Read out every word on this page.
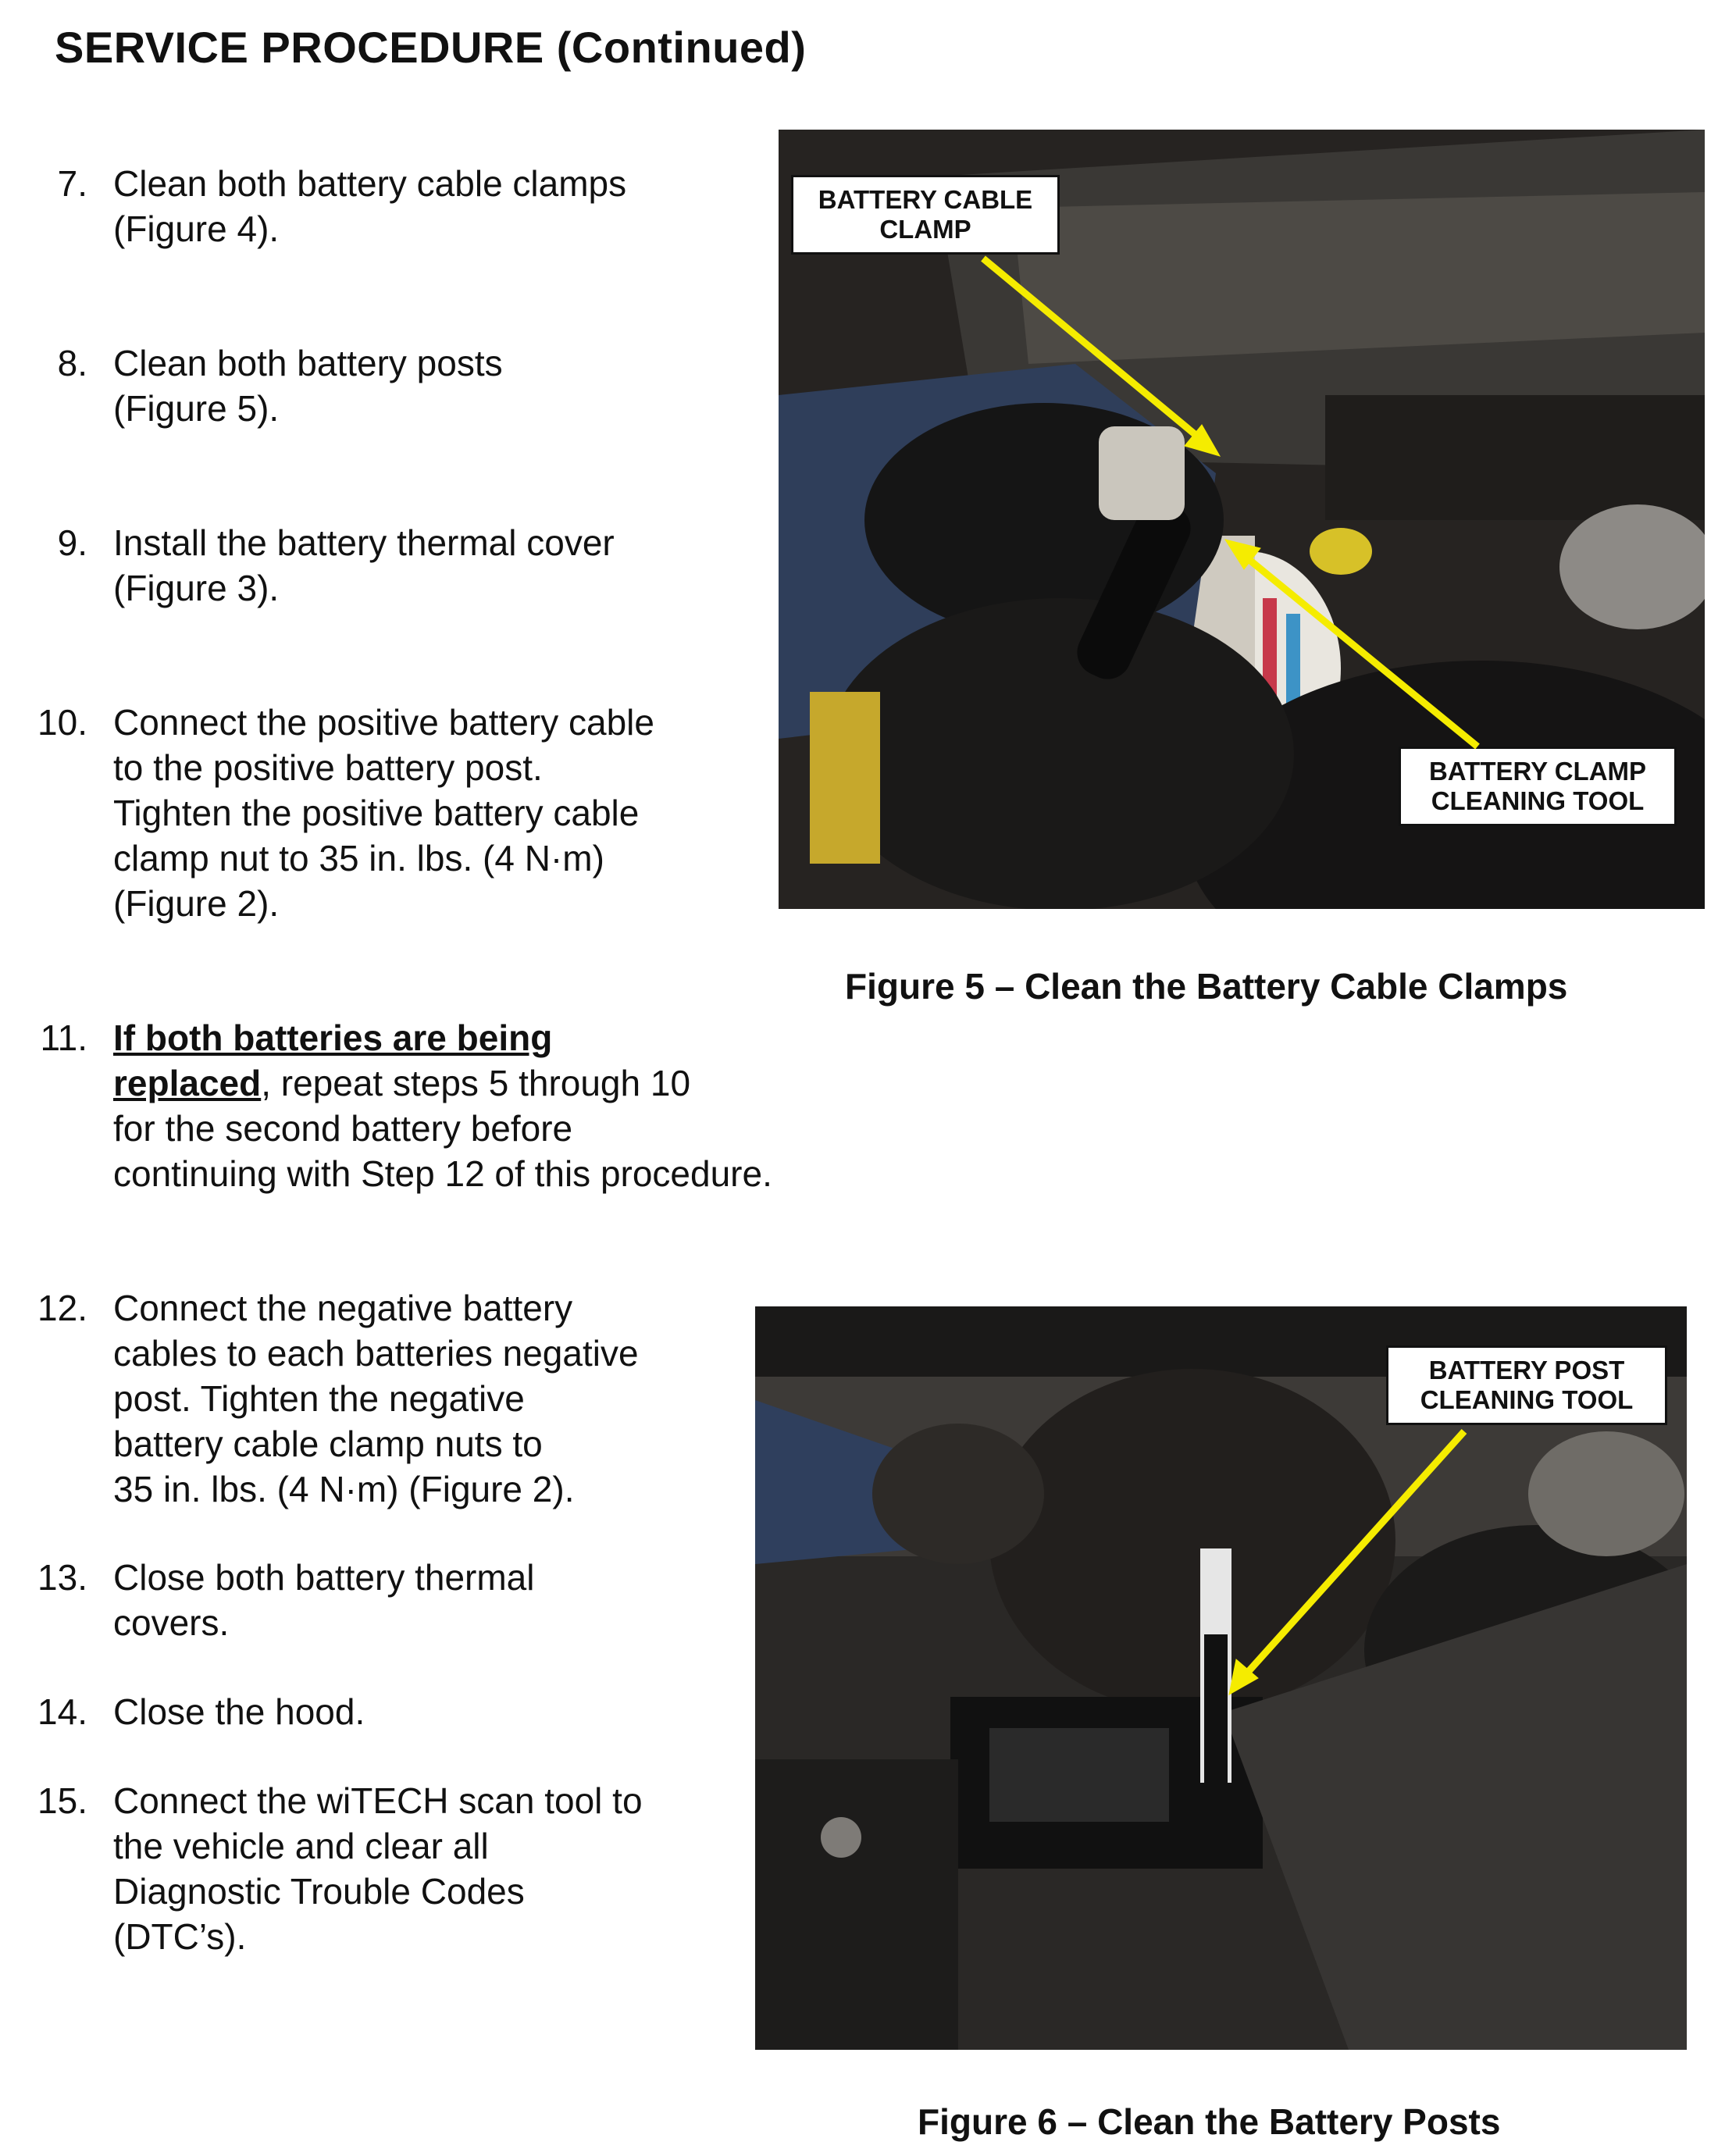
SERVICE PROCEDURE (Continued)
7. Clean both battery cable clamps
(Figure 4).
8. Clean both battery posts
(Figure 5).
9. Install the battery thermal cover
(Figure 3).
10. Connect the positive battery cable
to the positive battery post.
Tighten the positive battery cable
clamp nut to 35 in. lbs. (4 N·m)
(Figure 2).
11. If both batteries are being
replaced, repeat steps 5 through 10
for the second battery before
continuing with Step 12 of this procedure.
12. Connect the negative battery
cables to each batteries negative
post. Tighten the negative
battery cable clamp nuts to
35 in. lbs. (4 N·m) (Figure 2).
13. Close both battery thermal
covers.
14. Close the hood.
15. Connect the wiTECH scan tool to
the vehicle and clear all
Diagnostic Trouble Codes
(DTC’s).
BATTERY CABLE
CLAMP
BATTERY CLAMP
CLEANING TOOL
Figure 5 – Clean the Battery Cable Clamps
BATTERY POST
CLEANING TOOL
Figure 6 – Clean the Battery Posts
